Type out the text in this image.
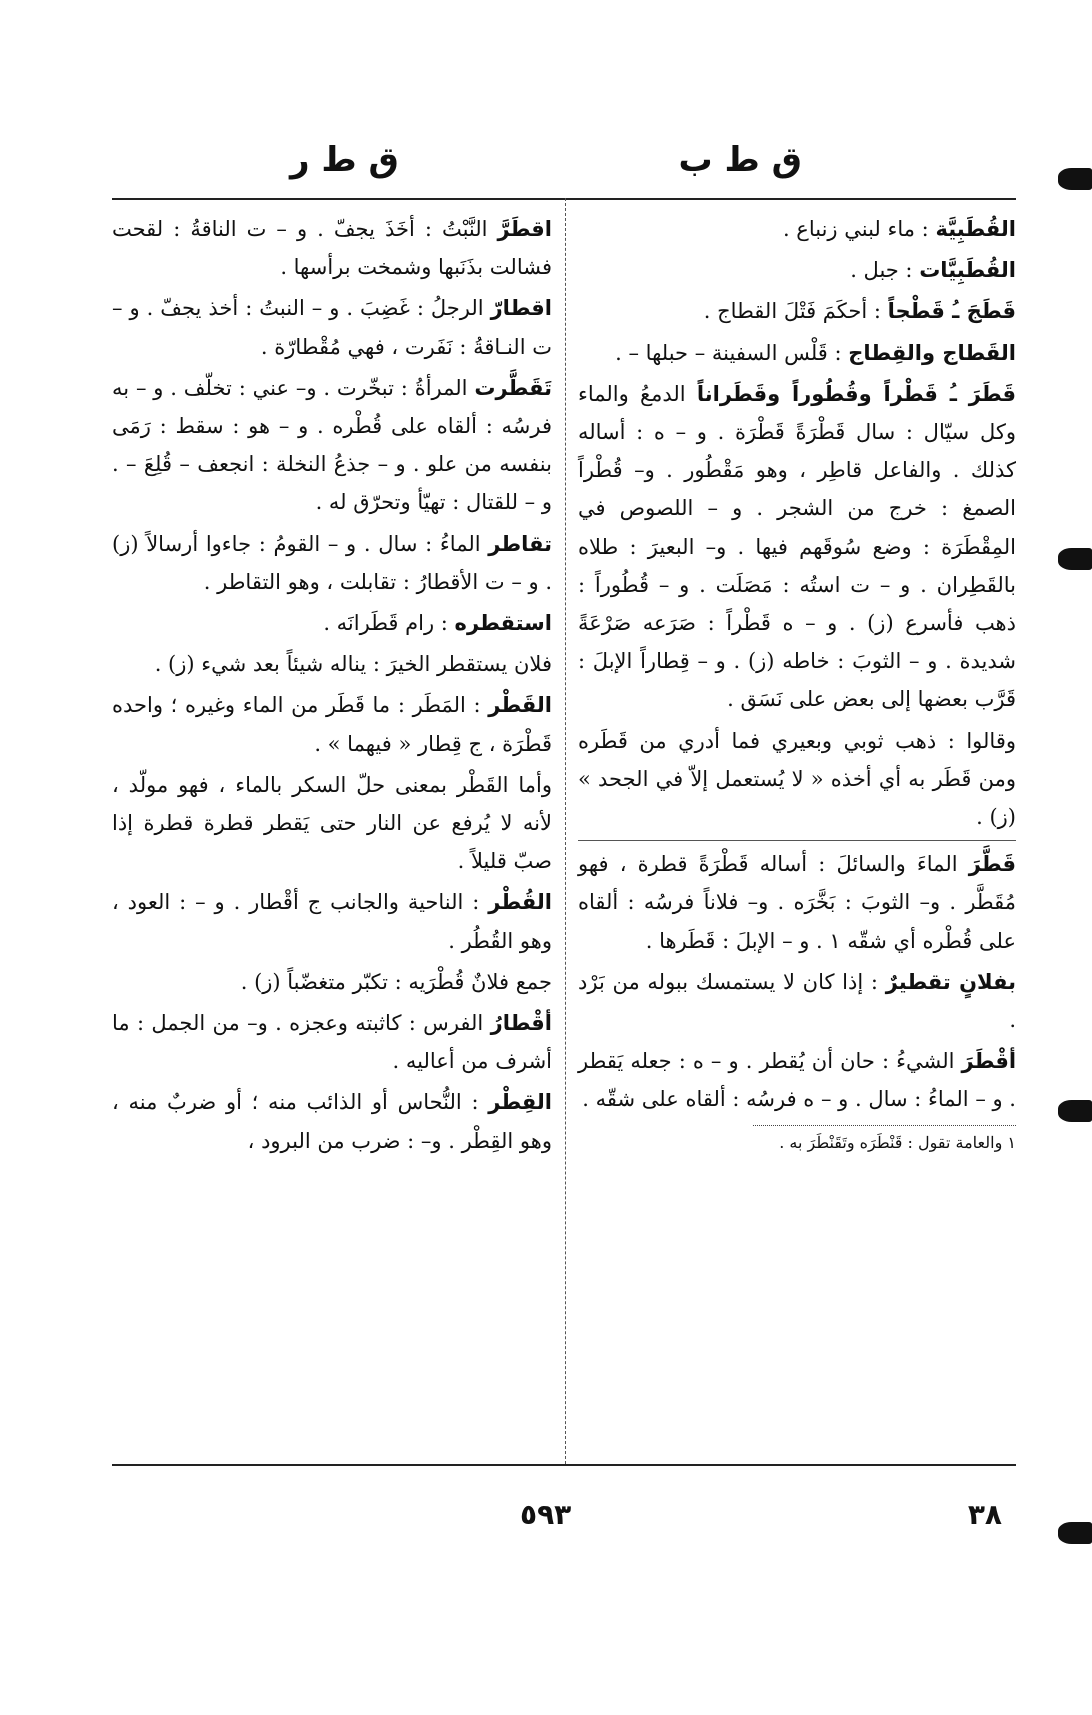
ق ط ب
ق ط ر

القُطَبِيَّة : ماء لبني زنباع .

القُطَبِيَّات : جبل .

قَطَجَ ـُ قَطْجاً : أحكَمَ فَتْلَ القطاج .

القَطاج والقِطاج : قَلْس السفينة – حبلها – .

قَطَرَ ـُ قَطْراً وقُطُوراً وقَطَراناً الدمعُ والماء وكل سيّال : سال قَطْرَةً قَطْرَة . و – ه : أساله كذلك . والفاعل قاطِر ، وهو مَقْطُور . و– قُطْراً الصمغ : خرج من الشجر . و – اللصوص في المِقْطَرَة : وضع سُوقَهم فيها . و– البعيرَ : طلاه بالقَطِران . و – ت استُه : مَصَلَت . و – قُطُوراً : ذهب فأسرع (ز) . و – ه قَطْراً : صَرَعه صَرْعَةً شديدة . و – الثوبَ : خاطه (ز) . و – قِطاراً الإبلَ : قَرَّب بعضها إلى بعض على نَسَق .

وقالوا : ذهب ثوبي وبعيري فما أدري من قَطَره ومن قَطَر به أي أخذه « لا يُستعمل إلاّ في الجحد » (ز) .

قَطَّرَ الماءَ والسائلَ : أساله قَطْرَةً قطرة ، فهو مُقَطَّر . و– الثوبَ : بَخَّرَه . و– فلاناً فرسُه : ألقاه على قُطْره أي شقّه ١ . و – الإبلَ : قَطَرها .

بفلانٍ تقطيرٌ : إذا كان لا يستمسك ببوله من بَرْد .

أقْطَرَ الشيءُ : حان أن يُقطر . و – ه : جعله يَقطر . و – الماءُ : سال . و – ه فرسُه : ألقاه على شقّه .

١ والعامة تقول : قَنْطَرَه وتَقَنْطَرَ به .

اقطَرَّ النَّبْتُ : أخَذَ يجفّ . و – ت الناقةُ : لقحت فشالت بذَنَبها وشمخت برأسها .

اقطارّ الرجلُ : غَضِبَ . و – النبتُ : أخذ يجفّ . و – ت النـاقةُ : نَفَرت ، فهي مُقْطارّة .

تَقَطَّرت المرأةُ : تبخّرت . و– عني : تخلّف . و – به فرسُه : ألقاه على قُطْره . و – هو : سقط : رَمَى بنفسه من علو . و – جذعُ النخلة : انجعف – قُلِعَ – . و – للقتال : تهيّأ وتحرّق له .

تقاطر الماءُ : سال . و – القومُ : جاءوا أرسالاً (ز) . و – ت الأقطارُ : تقابلت ، وهو التقاطر .

استقطره : رام قَطَرانَه .

فلان يستقطر الخيرَ : يناله شيئاً بعد شيء (ز) .

القَطْر : المَطَر : ما قَطَر من الماء وغيره ؛ واحده قَطْرَة ، ج قِطار « فيهما » .

وأما القَطْر بمعنى حلّ السكر بالماء ، فهو مولّد ، لأنه لا يُرفع عن النار حتى يَقطر قطرة قطرة إذا صبّ قليلاً .

القُطْر : الناحية والجانب ج أقْطار . و – : العود ، وهو القُطُر .

جمع فلانٌ قُطْرَيه : تكبّر متغضّباً (ز) .

أقْطارُ الفرس : كاثبته وعجزه . و– من الجمل : ما أشرف من أعاليه .

القِطْر : النُّحاس أو الذائب منه ؛ أو ضربٌ منه ، وهو القِطْر . و– : ضرب من البرود ،

٥٩٣	٣٨
